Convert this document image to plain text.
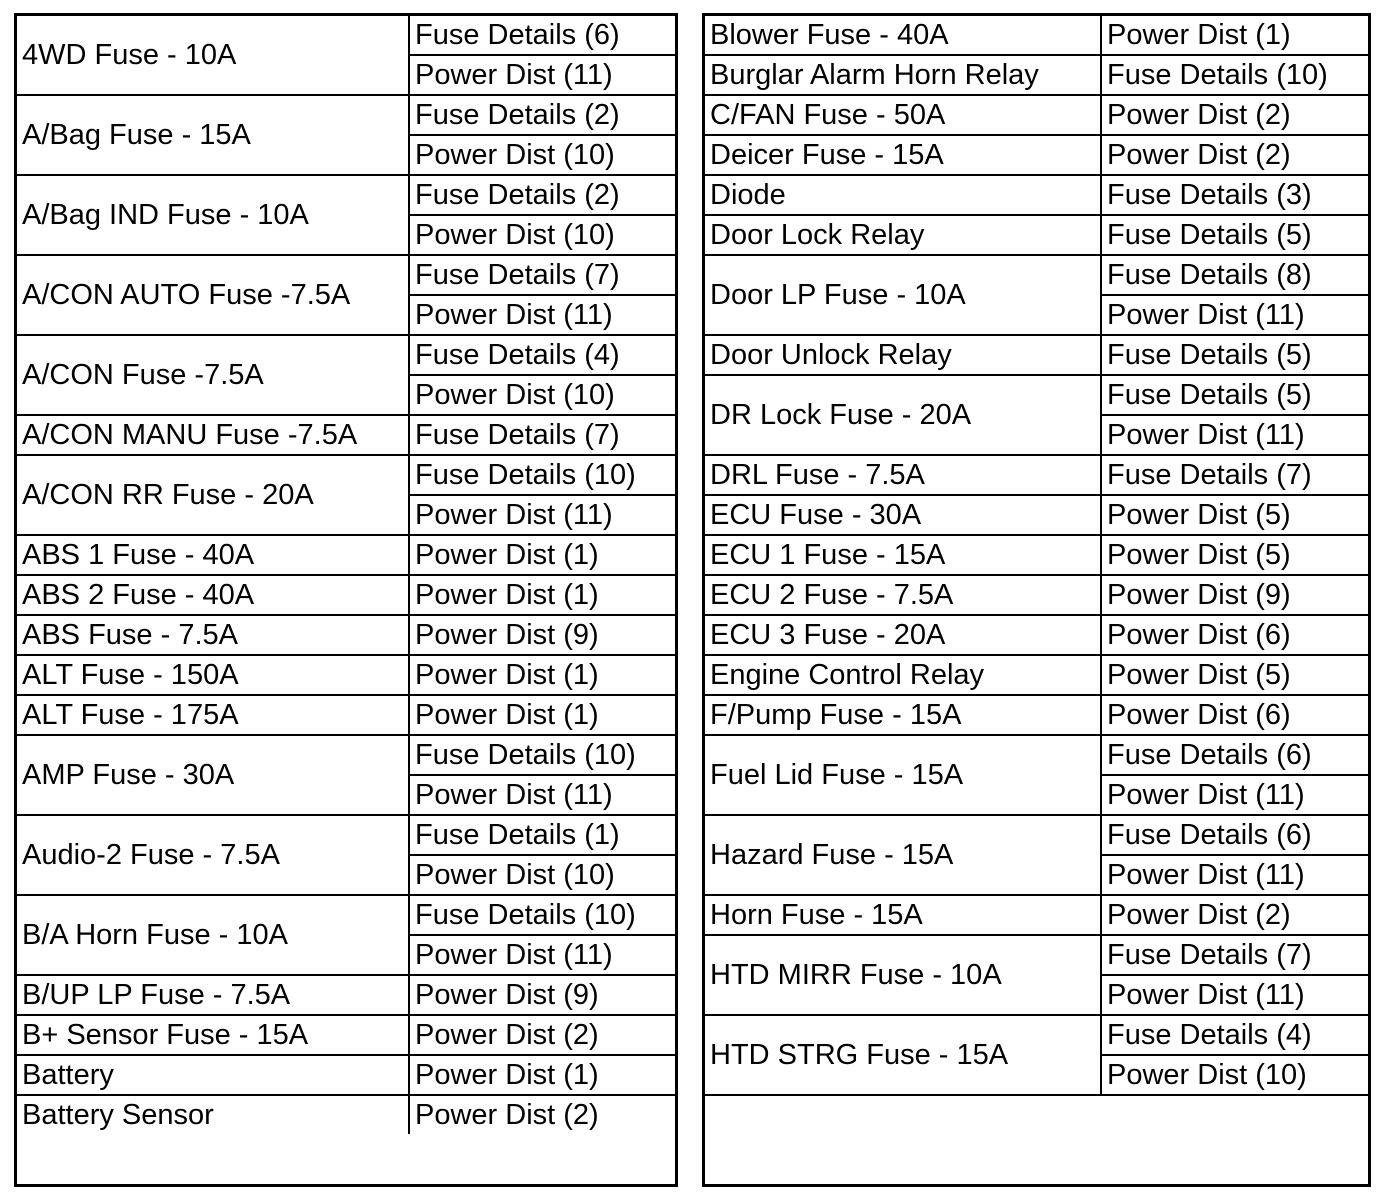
4WD Fuse - 10A	Fuse Details (6)
	Power Dist (11)
A/Bag Fuse - 15A	Fuse Details (2)
	Power Dist (10)
A/Bag IND Fuse - 10A	Fuse Details (2)
	Power Dist (10)
A/CON AUTO Fuse -7.5A	Fuse Details (7)
	Power Dist (11)
A/CON Fuse -7.5A	Fuse Details (4)
	Power Dist (10)
A/CON MANU Fuse -7.5A	Fuse Details (7)
A/CON RR Fuse - 20A	Fuse Details (10)
	Power Dist (11)
ABS 1 Fuse - 40A	Power Dist (1)
ABS 2 Fuse - 40A	Power Dist (1)
ABS Fuse - 7.5A	Power Dist (9)
ALT Fuse - 150A	Power Dist (1)
ALT Fuse - 175A	Power Dist (1)
AMP Fuse - 30A	Fuse Details (10)
	Power Dist (11)
Audio-2 Fuse - 7.5A	Fuse Details (1)
	Power Dist (10)
B/A Horn Fuse - 10A	Fuse Details (10)
	Power Dist (11)
B/UP LP Fuse - 7.5A	Power Dist (9)
B+ Sensor Fuse - 15A	Power Dist (2)
Battery	Power Dist (1)
Battery Sensor	Power Dist (2)
Blower Fuse - 40A	Power Dist (1)
Burglar Alarm Horn Relay	Fuse Details (10)
C/FAN Fuse - 50A	Power Dist (2)
Deicer Fuse - 15A	Power Dist (2)
Diode	Fuse Details (3)
Door Lock Relay	Fuse Details (5)
Door LP Fuse - 10A	Fuse Details (8)
	Power Dist (11)
Door Unlock Relay	Fuse Details (5)
DR Lock Fuse - 20A	Fuse Details (5)
	Power Dist (11)
DRL Fuse - 7.5A	Fuse Details (7)
ECU Fuse - 30A	Power Dist (5)
ECU 1 Fuse - 15A	Power Dist (5)
ECU 2 Fuse - 7.5A	Power Dist (9)
ECU 3 Fuse - 20A	Power Dist (6)
Engine Control Relay	Power Dist (5)
F/Pump Fuse - 15A	Power Dist (6)
Fuel Lid Fuse - 15A	Fuse Details (6)
	Power Dist (11)
Hazard Fuse - 15A	Fuse Details (6)
	Power Dist (11)
Horn Fuse - 15A	Power Dist (2)
HTD MIRR Fuse - 10A	Fuse Details (7)
	Power Dist (11)
HTD STRG Fuse - 15A	Fuse Details (4)
	Power Dist (10)
